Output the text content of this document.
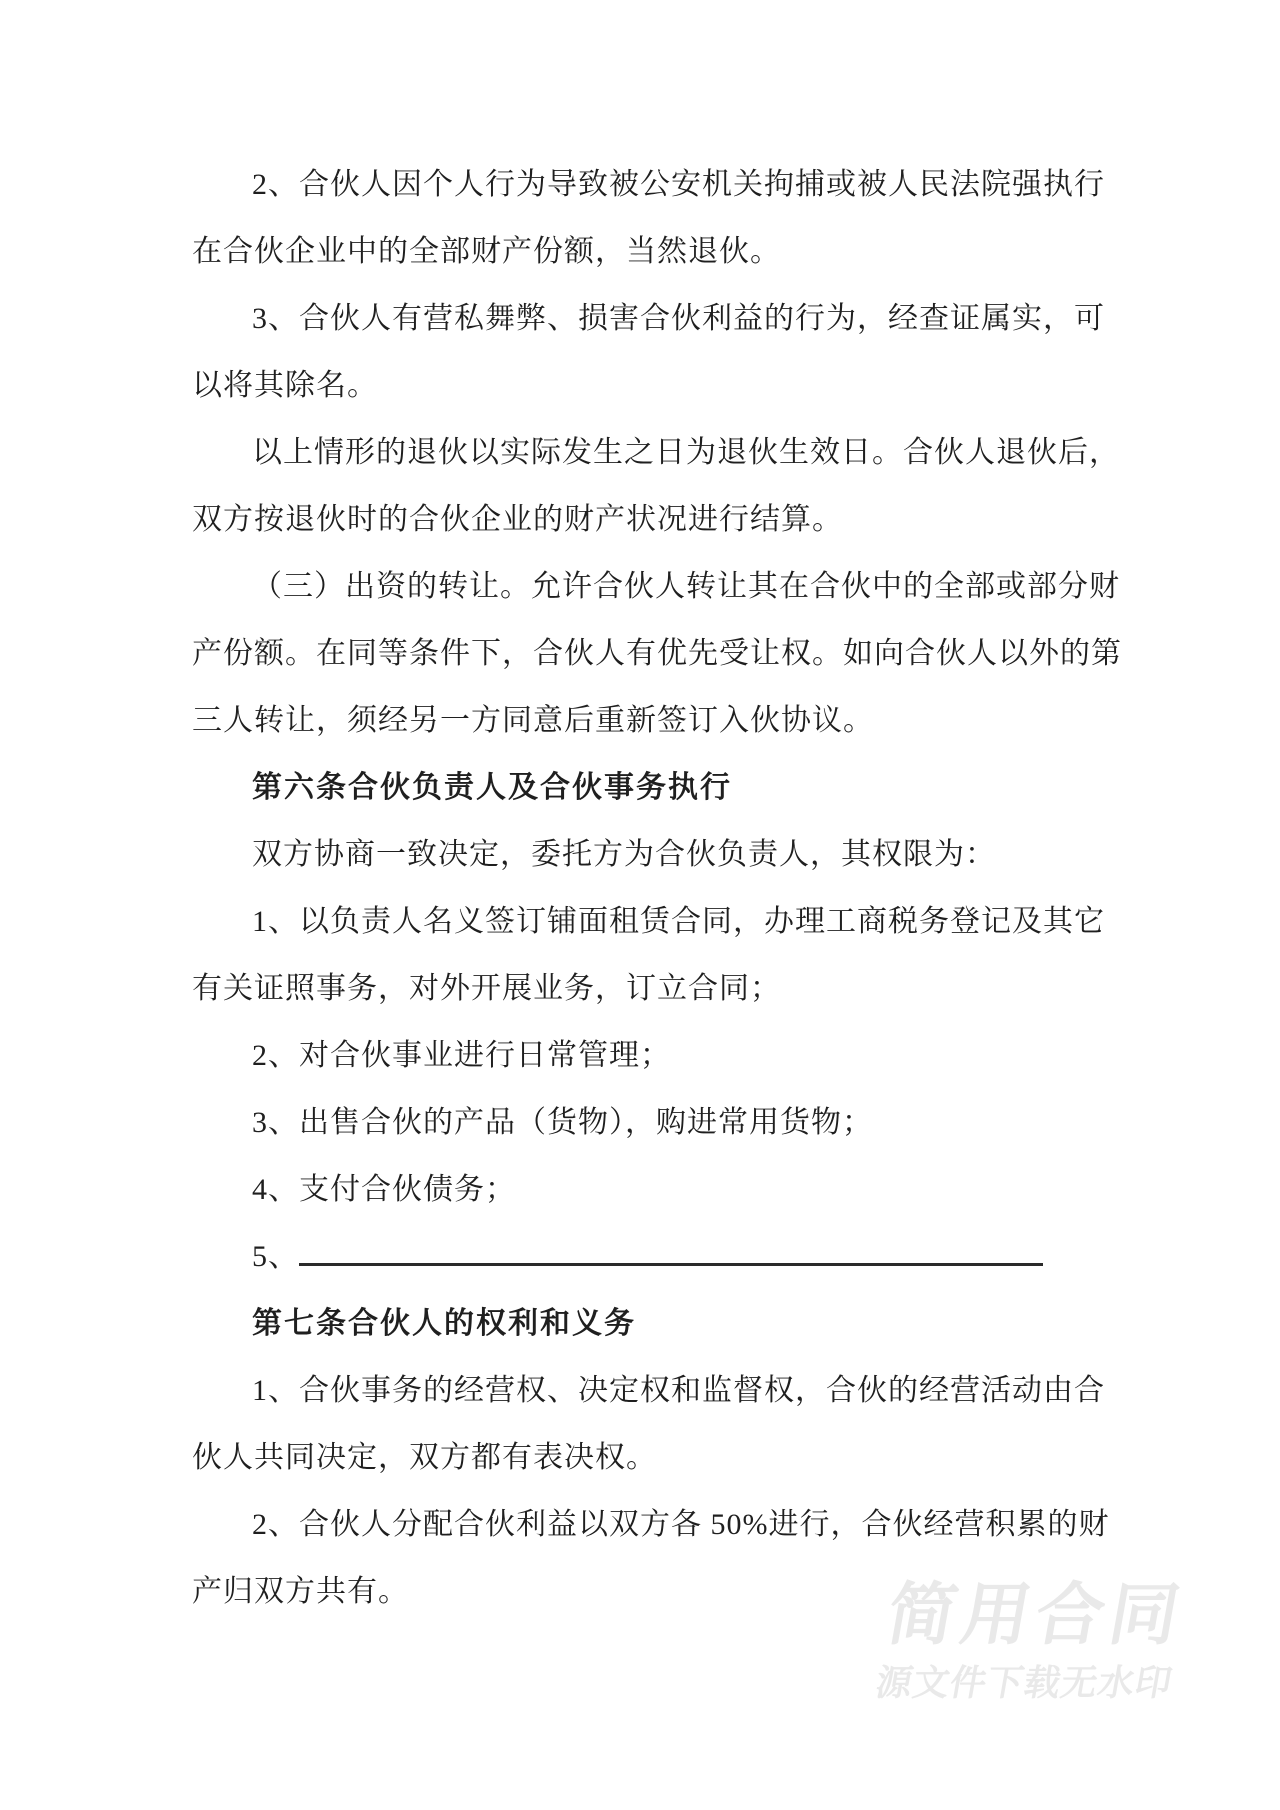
2、合伙人因个人行为导致被公安机关拘捕或被人民法院强执行
在合伙企业中的全部财产份额，当然退伙。
3、合伙人有营私舞弊、损害合伙利益的行为，经查证属实，可
以将其除名。
以上情形的退伙以实际发生之日为退伙生效日。合伙人退伙后，
双方按退伙时的合伙企业的财产状况进行结算。
（三）出资的转让。允许合伙人转让其在合伙中的全部或部分财
产份额。在同等条件下，合伙人有优先受让权。如向合伙人以外的第
三人转让，须经另一方同意后重新签订入伙协议。
第六条合伙负责人及合伙事务执行
双方协商一致决定，委托方为合伙负责人，其权限为：
1、以负责人名义签订铺面租赁合同，办理工商税务登记及其它
有关证照事务，对外开展业务，订立合同；
2、对合伙事业进行日常管理；
3、出售合伙的产品（货物），购进常用货物；
4、支付合伙债务；
5、
第七条合伙人的权利和义务
1、合伙事务的经营权、决定权和监督权，合伙的经营活动由合
伙人共同决定，双方都有表决权。
2、合伙人分配合伙利益以双方各 50%进行，合伙经营积累的财
产归双方共有。	简用合同
源文件下载无水印
